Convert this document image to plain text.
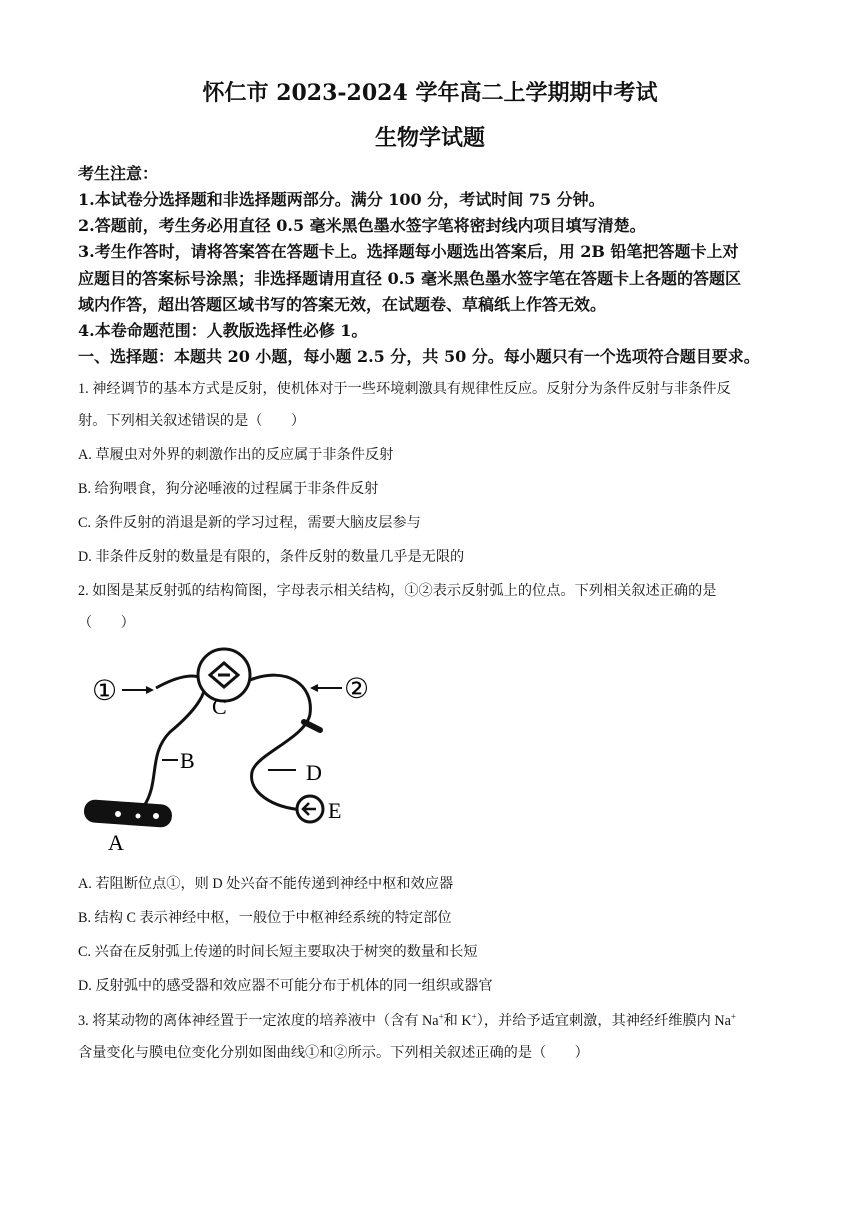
怀仁市 2023-2024 学年高二上学期期中考试
生物学试题
考生注意：
1.本试卷分选择题和非选择题两部分。满分 100 分，考试时间 75 分钟。
2.答题前，考生务必用直径 0.5 毫米黑色墨水签字笔将密封线内项目填写清楚。
3.考生作答时，请将答案答在答题卡上。选择题每小题选出答案后，用 2B 铅笔把答题卡上对
应题目的答案标号涂黑；非选择题请用直径 0.5 毫米黑色墨水签字笔在答题卡上各题的答题区
域内作答，超出答题区域书写的答案无效，在试题卷、草稿纸上作答无效。
4.本卷命题范围：人教版选择性必修 1。
一、选择题：本题共 20 小题，每小题 2.5 分，共 50 分。每小题只有一个选项符合题目要求。
1. 神经调节的基本方式是反射，使机体对于一些环境刺激具有规律性反应。反射分为条件反射与非条件反
射。下列相关叙述错误的是（　　）
A. 草履虫对外界的刺激作出的反应属于非条件反射
B. 给狗喂食，狗分泌唾液的过程属于非条件反射
C. 条件反射的消退是新的学习过程，需要大脑皮层参与
D. 非条件反射的数量是有限的，条件反射的数量几乎是无限的
2. 如图是某反射弧的结构简图，字母表示相关结构，①②表示反射弧上的位点。下列相关叙述正确的是
（　　）
①	②
C
B	D
E
A
A. 若阻断位点①，则 D 处兴奋不能传递到神经中枢和效应器
B. 结构 C 表示神经中枢，一般位于中枢神经系统的特定部位
C. 兴奋在反射弧上传递的时间长短主要取决于树突的数量和长短
D. 反射弧中的感受器和效应器不可能分布于机体的同一组织或器官
3. 将某动物的离体神经置于一定浓度的培养液中（含有 Na+和 K+），并给予适宜刺激，其神经纤维膜内 Na+
含量变化与膜电位变化分别如图曲线①和②所示。下列相关叙述正确的是（　　）
